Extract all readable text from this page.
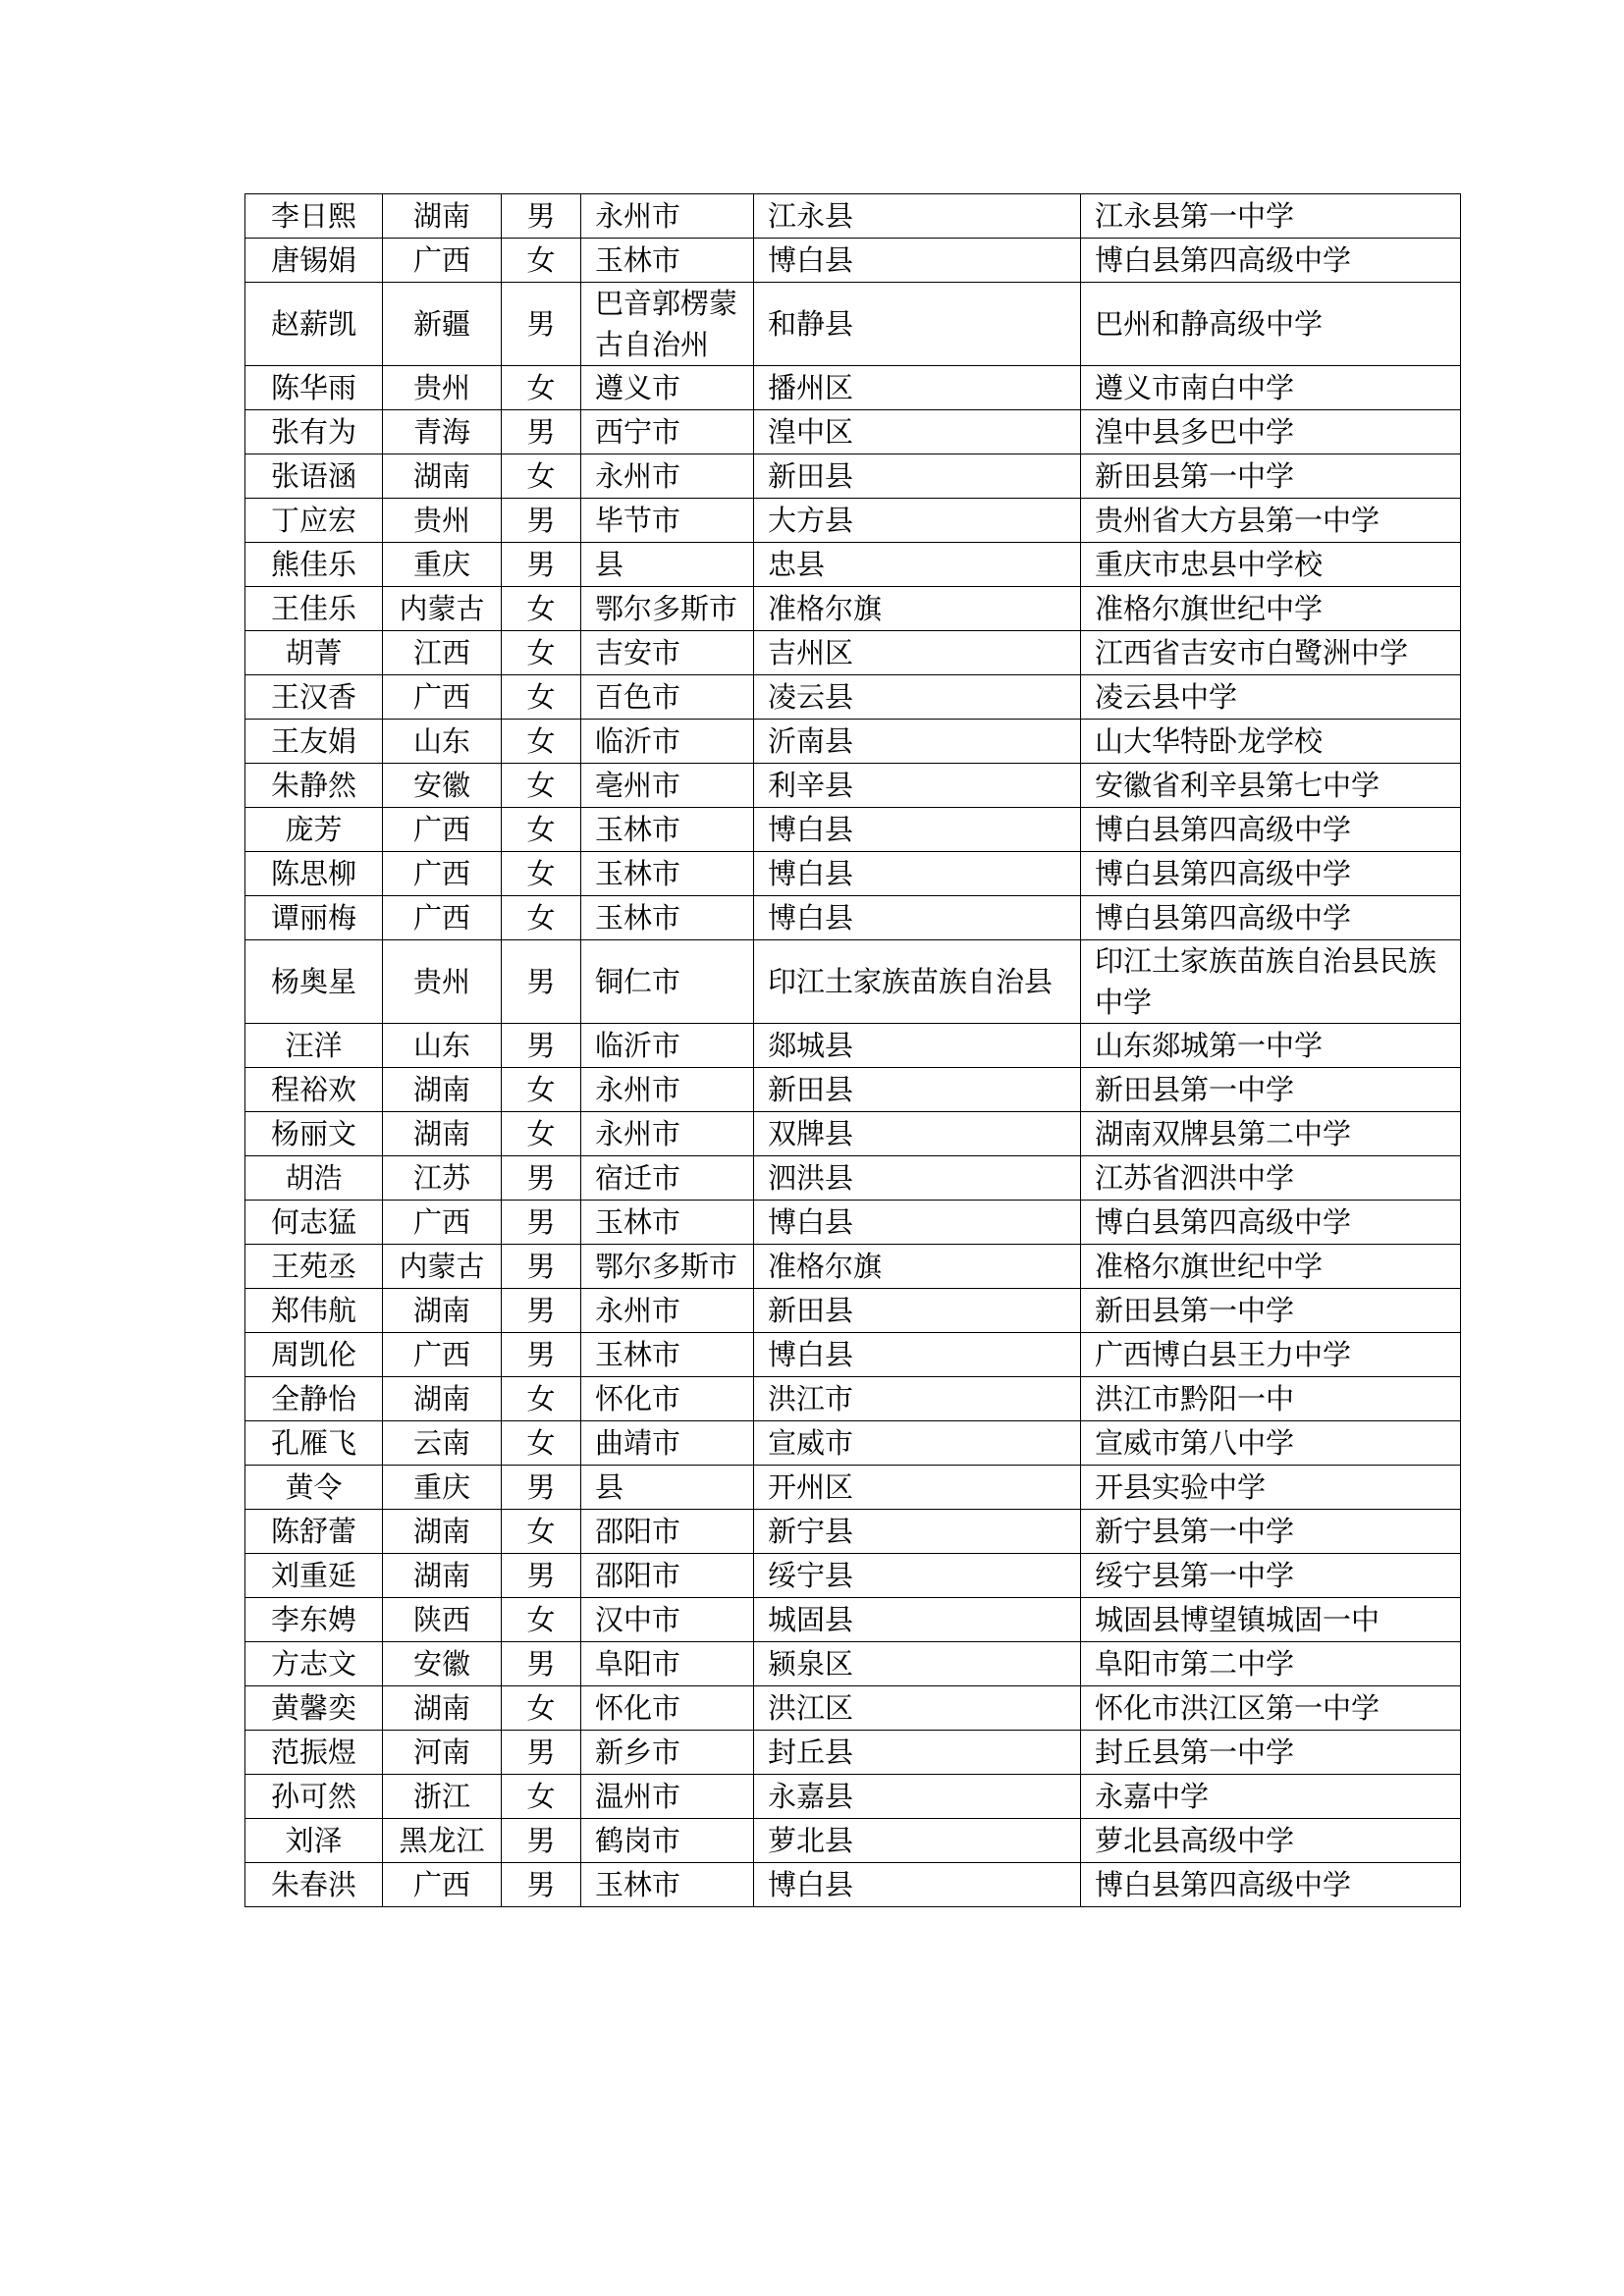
李日熙	湖南	男	永州市	江永县	江永县第一中学
唐锡娟	广西	女	玉林市	博白县	博白县第四高级中学
赵薪凯	新疆	男	巴音郭楞蒙古自治州	和静县	巴州和静高级中学
陈华雨	贵州	女	遵义市	播州区	遵义市南白中学
张有为	青海	男	西宁市	湟中区	湟中县多巴中学
张语涵	湖南	女	永州市	新田县	新田县第一中学
丁应宏	贵州	男	毕节市	大方县	贵州省大方县第一中学
熊佳乐	重庆	男	县	忠县	重庆市忠县中学校
王佳乐	内蒙古	女	鄂尔多斯市	准格尔旗	准格尔旗世纪中学
胡菁	江西	女	吉安市	吉州区	江西省吉安市白鹭洲中学
王汉香	广西	女	百色市	凌云县	凌云县中学
王友娟	山东	女	临沂市	沂南县	山大华特卧龙学校
朱静然	安徽	女	亳州市	利辛县	安徽省利辛县第七中学
庞芳	广西	女	玉林市	博白县	博白县第四高级中学
陈思柳	广西	女	玉林市	博白县	博白县第四高级中学
谭丽梅	广西	女	玉林市	博白县	博白县第四高级中学
杨奥星	贵州	男	铜仁市	印江土家族苗族自治县	印江土家族苗族自治县民族中学
汪洋	山东	男	临沂市	郯城县	山东郯城第一中学
程裕欢	湖南	女	永州市	新田县	新田县第一中学
杨丽文	湖南	女	永州市	双牌县	湖南双牌县第二中学
胡浩	江苏	男	宿迁市	泗洪县	江苏省泗洪中学
何志猛	广西	男	玉林市	博白县	博白县第四高级中学
王苑丞	内蒙古	男	鄂尔多斯市	准格尔旗	准格尔旗世纪中学
郑伟航	湖南	男	永州市	新田县	新田县第一中学
周凯伦	广西	男	玉林市	博白县	广西博白县王力中学
全静怡	湖南	女	怀化市	洪江市	洪江市黔阳一中
孔雁飞	云南	女	曲靖市	宣威市	宣威市第八中学
黄令	重庆	男	县	开州区	开县实验中学
陈舒蕾	湖南	女	邵阳市	新宁县	新宁县第一中学
刘重延	湖南	男	邵阳市	绥宁县	绥宁县第一中学
李东娉	陕西	女	汉中市	城固县	城固县博望镇城固一中
方志文	安徽	男	阜阳市	颍泉区	阜阳市第二中学
黄馨奕	湖南	女	怀化市	洪江区	怀化市洪江区第一中学
范振煜	河南	男	新乡市	封丘县	封丘县第一中学
孙可然	浙江	女	温州市	永嘉县	永嘉中学
刘泽	黑龙江	男	鹤岗市	萝北县	萝北县高级中学
朱春洪	广西	男	玉林市	博白县	博白县第四高级中学
